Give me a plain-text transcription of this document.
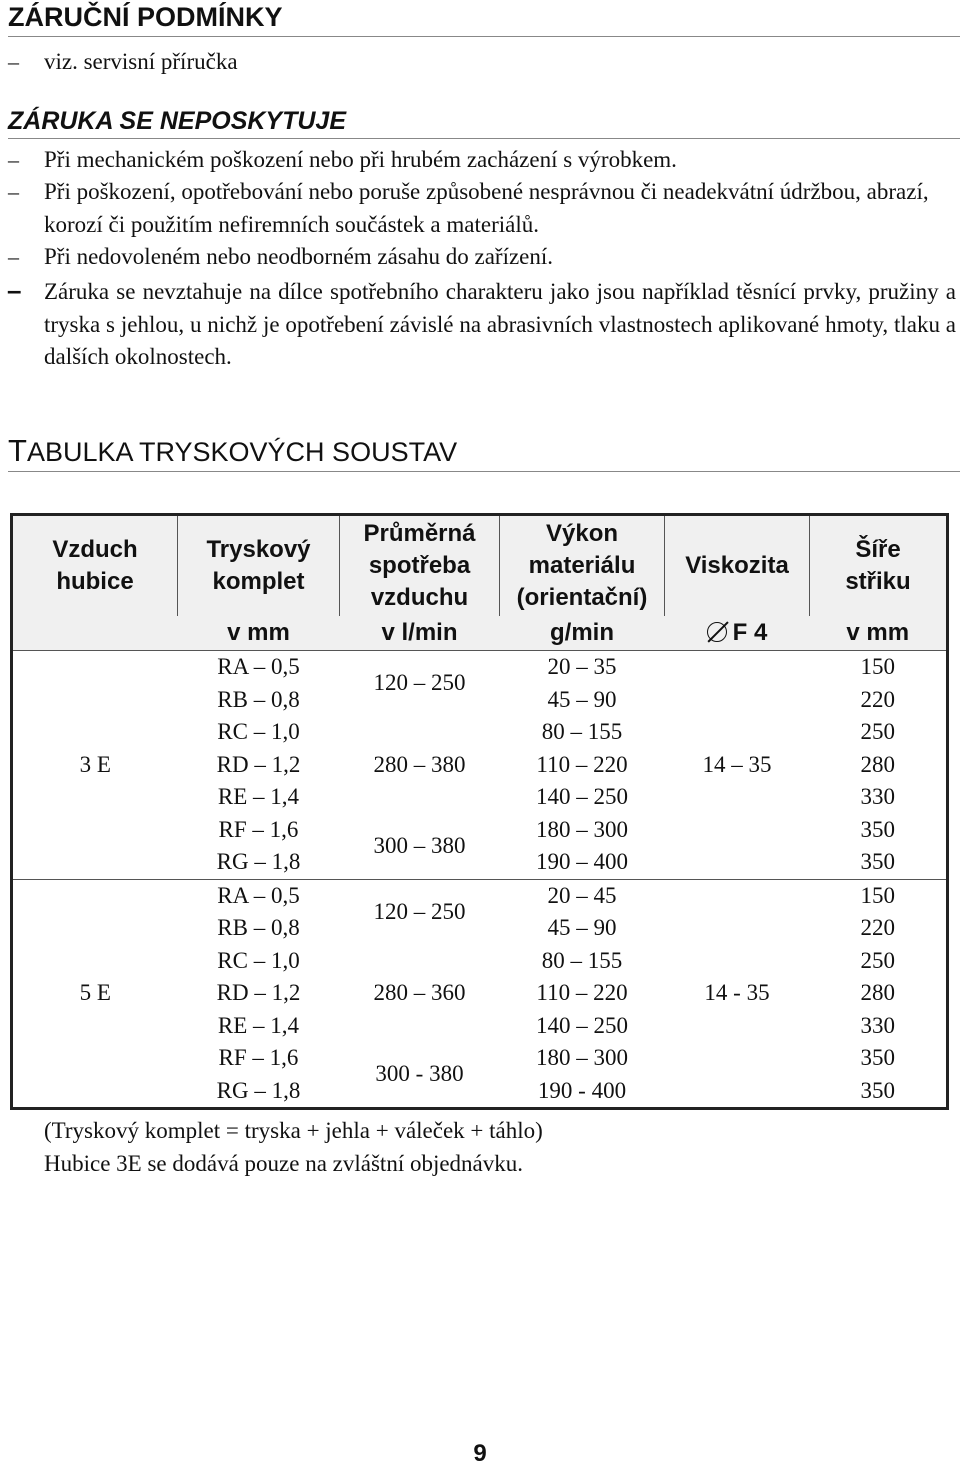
ZÁRUČNÍ PODMÍNKY
– viz. servisní příručka
ZÁRUKA SE NEPOSKYTUJE
– Při mechanickém poškození nebo při hrubém zacházení s výrobkem.
– Při poškození, opotřebování nebo poruše způsobené nesprávnou či neadekvátní údržbou, abrazí, korozí či použitím nefiremních součástek a materiálů.
– Při nedovoleném nebo neodborném zásahu do zařízení.
– Záruka se nevztahuje na dílce spotřebního charakteru jako jsou například těsnící prvky, pružiny a tryska s jehlou, u nichž je opotřebení závislé na abrasivních vlastnostech aplikované hmoty, tlaku a dalších okolnostech.
TABULKA TRYSKOVÝCH SOUSTAV
Vzduch hubice	Tryskový komplet	Průměrná spotřeba vzduchu	Výkon materiálu (orientační)	Viskozita	Šíře střiku
	v mm	v l/min	g/min	F 4	v mm
3 E	RA – 0,5	120 – 250	20 – 35	14 – 35	150
	RB – 0,8		45 – 90		220
	RC – 1,0	280 – 380	80 – 155		250
	RD – 1,2		110 – 220		280
	RE – 1,4		140 – 250		330
	RF – 1,6	300 – 380	180 – 300		350
	RG – 1,8		190 – 400		350
5 E	RA – 0,5	120 – 250	20 – 45	14 - 35	150
	RB – 0,8		45 – 90		220
	RC – 1,0	280 – 360	80 – 155		250
	RD – 1,2		110 – 220		280
	RE – 1,4		140 – 250		330
	RF – 1,6	300 - 380	180 – 300		350
	RG – 1,8		190 - 400		350
(Tryskový komplet = tryska + jehla + váleček + táhlo)
Hubice 3E se dodává pouze na zvláštní objednávku.
9
